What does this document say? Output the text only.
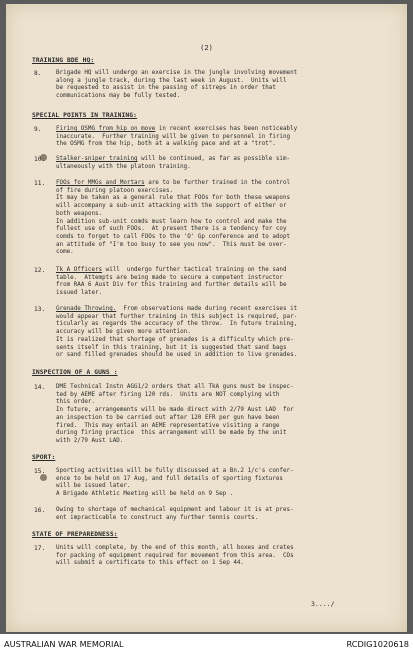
(2)
TRAINING BDE HQ:
8. Brigade HQ will undergo an exercise in the jungle involving movement
along a jungle track, during the last week in August.  Units will
be requested to assist in the passing of sitreps in order that
communications may be fully tested.
SPECIAL POINTS IN TRAINING:
9. Firing OSMG from hip on move in recent exercises has been noticeably
inaccurate.  Further training will be given to personnel in firing
the OSMG from the hip, both at a walking pace and at a "trot".
10. Stalker-sniper training will be continued, as far as possible sim-
ultaneously with the platoon training.
11. FOOs for MMGs and Mortars are to be further trained in the control
of fire during platoon exercises.
It may be taken as a general rule that FOOs for both these weapons
will accompany a sub-unit attacking with the support of either or
both weapons.
In addition sub-unit comds must learn how to control and make the
fullest use of such FOOs.  At present there is a tendency for coy
comds to forget to call FOOs to the 'O' Gp conference and to adopt
an attitude of "I'm too busy to see you now".  This must be over-
come.
12. Tk A Officers will  undergo further tactical training on the sand
table.  Attempts are being made to secure a competent instructor
from RAA 6 Aust Div for this training and further details will be
issued later.
13. Grenade Throwing.  From observations made during recent exercises it
would appear that further training in this subject is required, par-
ticularly as regards the accuracy of the throw.  In future training,
accuracy will be given more attention.
It is realized that shortage of grenades is a difficulty which pre-
sents itself in this training, but it is suggested that sand bags
or sand filled grenades should be used in addition to live grenades.
INSPECTION OF A GUNS :
14. DME Technical Instn AGG1/2 orders that all TkA guns must be inspec-
ted by AEME after firing 120 rds.  Units are NOT complying with
this order.
In future, arrangements will be made direct with 2/79 Aust LAD  for
an inspection to be carried out after 120 EFR per gun have been
fired.  This may entail an AEME representative visiting a range
during firing practice  this arrangement will be made by the unit
with 2/79 Aust LAD.
SPORT:
15. Sporting activities will be fully discussed at a Bn.2 1/c's confer-
ence to be held on 17 Aug, and full details of sporting fixtures
will be issued later.
A Brigade Athletic Meeting will be held on 9 Sep .
16. Owing to shortage of mechanical equipment and labour it is at pres-
ent impracticable to construct any further tennis courts.
STATE OF PREPAREDNESS:
17. Units will complete, by the end of this month, all boxes and crates
for packing of equipment required for movement from this area.  COs
will submit a certificate to this effect on 1 Sep 44.
3..../
AUSTRALIAN WAR MEMORIAL	RCDIG1020618
